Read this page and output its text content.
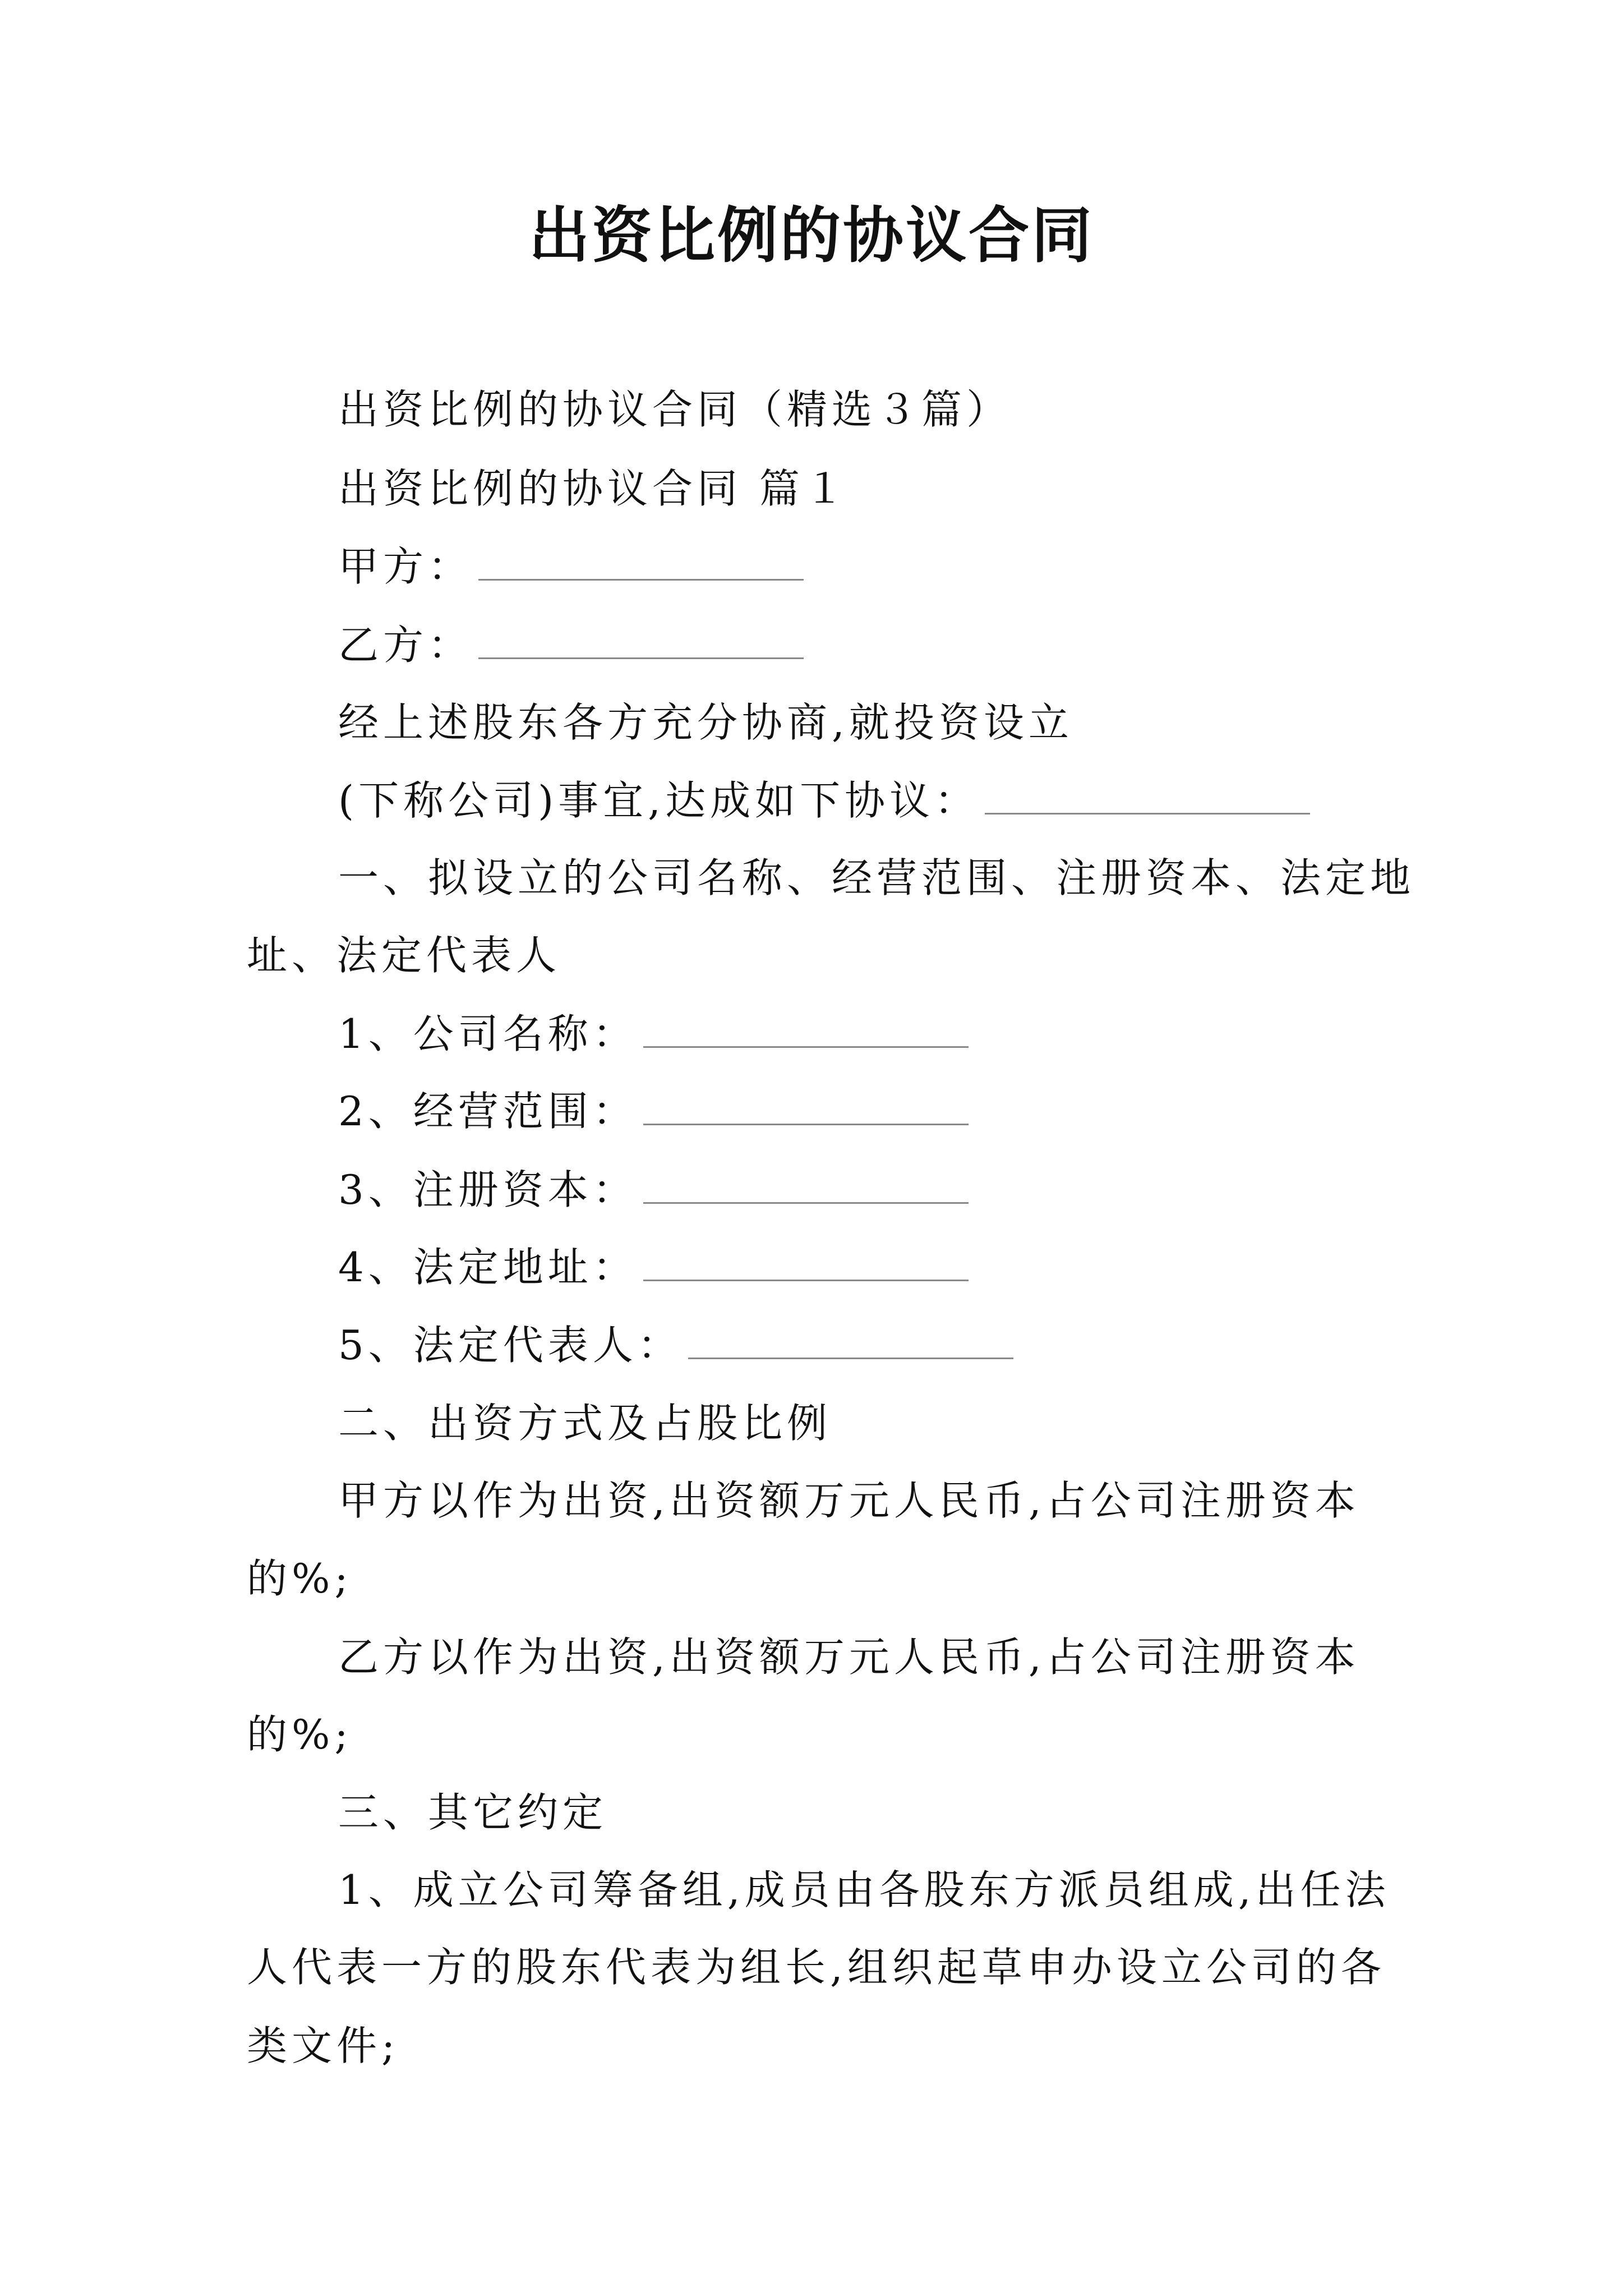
出资比例的协议合同
出资比例的协议合同（精选３篇）
出资比例的协议合同 篇１
甲方：
乙方：
经上述股东各方充分协商,就投资设立
(下称公司)事宜,达成如下协议：
一、拟设立的公司名称、经营范围、注册资本、法定地
址、法定代表人
1、公司名称：
2、经营范围：
3、注册资本：
4、法定地址：
5、法定代表人：
二、出资方式及占股比例
甲方以作为出资,出资额万元人民币,占公司注册资本
的%;
乙方以作为出资,出资额万元人民币,占公司注册资本
的%;
三、其它约定
1、成立公司筹备组,成员由各股东方派员组成,出任法
人代表一方的股东代表为组长,组织起草申办设立公司的各
类文件;
